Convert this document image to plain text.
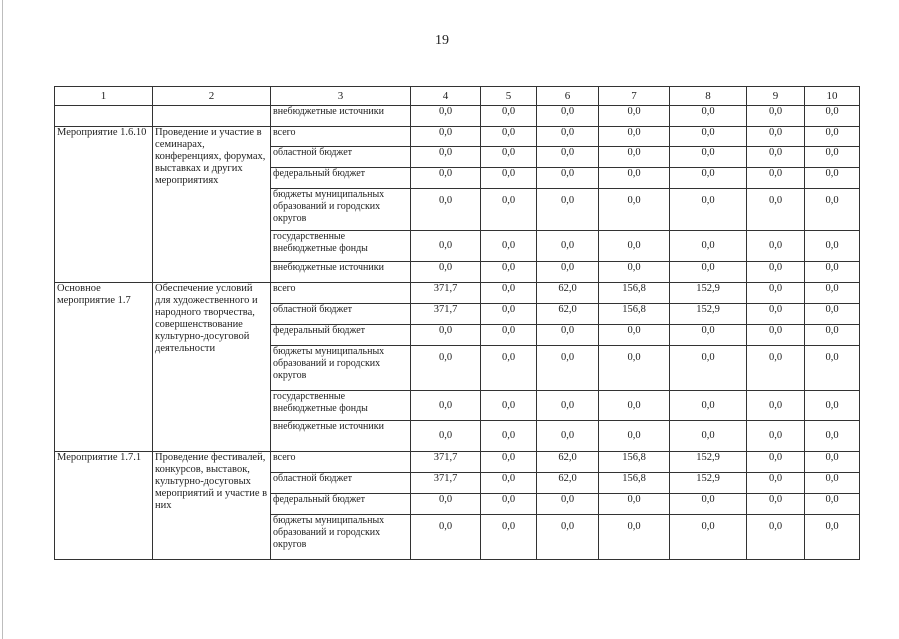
19
1	2	3	4	5	6	7	8	9	10
		внебюджетные источники	0,0	0,0	0,0	0,0	0,0	0,0	0,0
Мероприятие 1.6.10	Проведение и участие в семинарах, конференциях, форумах, выставках и других мероприятиях	всего	0,0	0,0	0,0	0,0	0,0	0,0	0,0
		областной бюджет	0,0	0,0	0,0	0,0	0,0	0,0	0,0
		федеральный бюджет	0,0	0,0	0,0	0,0	0,0	0,0	0,0
		бюджеты муниципальных образований и городских округов	0,0	0,0	0,0	0,0	0,0	0,0	0,0
		государственные внебюджетные фонды	0,0	0,0	0,0	0,0	0,0	0,0	0,0
		внебюджетные источники	0,0	0,0	0,0	0,0	0,0	0,0	0,0
Основное мероприятие 1.7	Обеспечение условий для художественного и народного творчества, совершенствование культурно-досуговой деятельности	всего	371,7	0,0	62,0	156,8	152,9	0,0	0,0
		областной бюджет	371,7	0,0	62,0	156,8	152,9	0,0	0,0
		федеральный бюджет	0,0	0,0	0,0	0,0	0,0	0,0	0,0
		бюджеты муниципальных образований и городских округов	0,0	0,0	0,0	0,0	0,0	0,0	0,0
		государственные внебюджетные фонды	0,0	0,0	0,0	0,0	0,0	0,0	0,0
		внебюджетные источники	0,0	0,0	0,0	0,0	0,0	0,0	0,0
Мероприятие 1.7.1	Проведение фестивалей, конкурсов, выставок, культурно-досуговых мероприятий и участие в них	всего	371,7	0,0	62,0	156,8	152,9	0,0	0,0
		областной бюджет	371,7	0,0	62,0	156,8	152,9	0,0	0,0
		федеральный бюджет	0,0	0,0	0,0	0,0	0,0	0,0	0,0
		бюджеты муниципальных образований и городских округов	0,0	0,0	0,0	0,0	0,0	0,0	0,0
